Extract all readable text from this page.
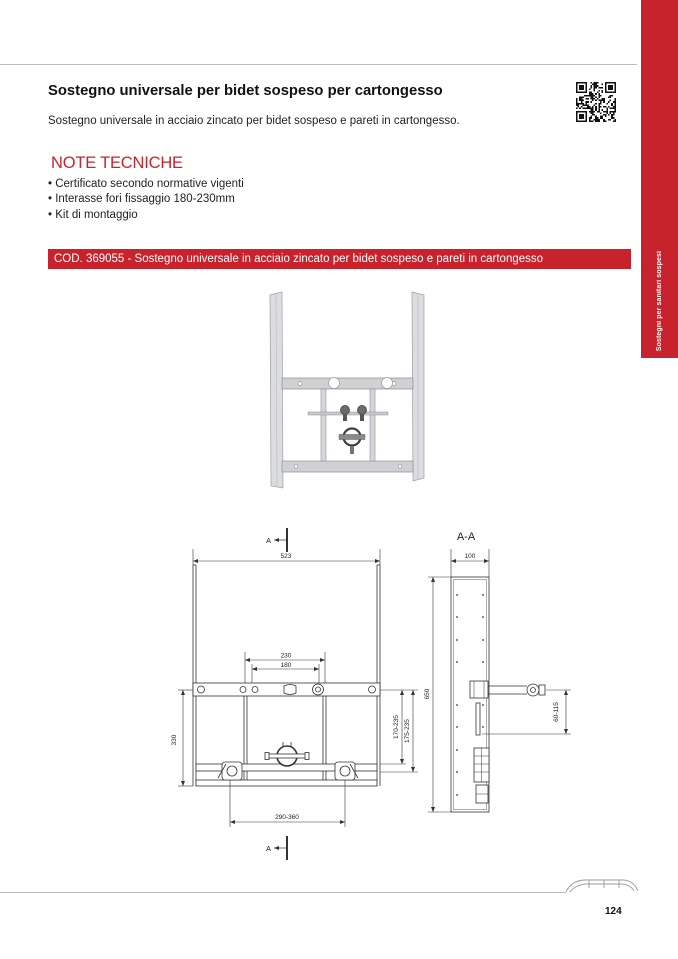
Sostegni per sanitari sospesi
Sostegno universale per bidet sospeso per cartongesso
Sostegno universale in acciaio zincato per bidet sospeso e pareti in cartongesso.
NOTE TECNICHE
• Certificato secondo normative vigenti
• Interasse fori fissaggio 180-230mm
• Kit di montaggio
COD. 369055 - Sostegno universale in acciaio zincato per bidet sospeso e pareti in cartongesso
523
230
180
330
170-235 175-235
290-360
A
A
A-A
100
650
60-115
124
